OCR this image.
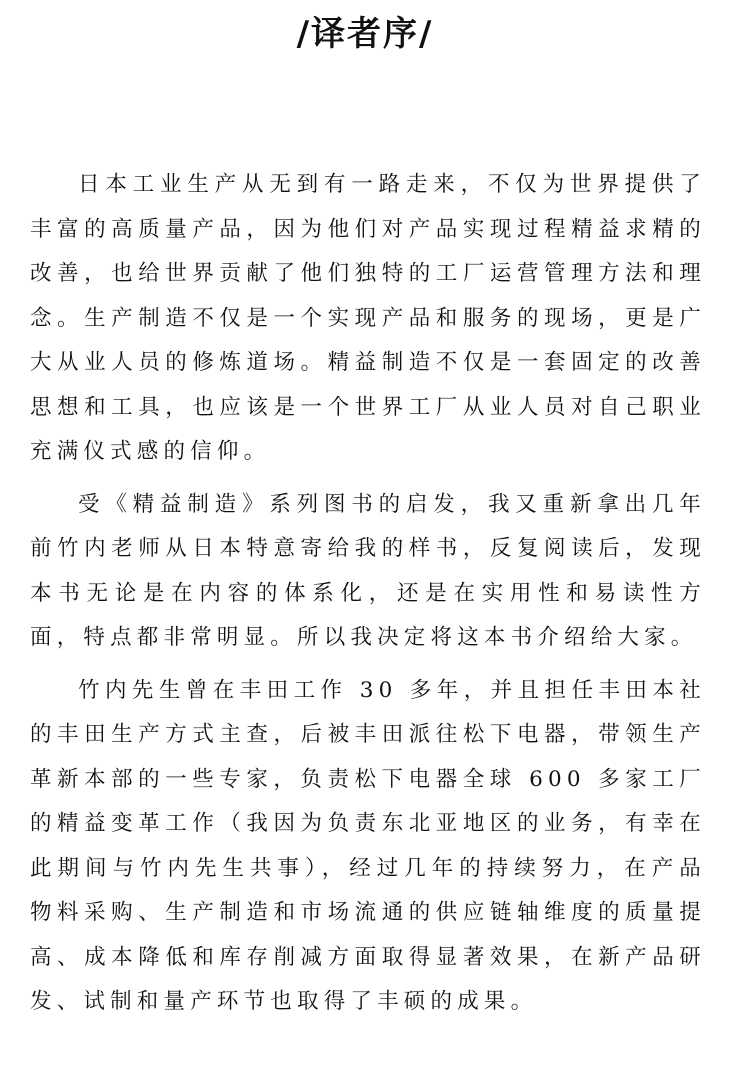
/译者序/

日本工业生产从无到有一路走来，不仅为世界提供了丰富的高质量产品，因为他们对产品实现过程精益求精的改善，也给世界贡献了他们独特的工厂运营管理方法和理念。生产制造不仅是一个实现产品和服务的现场，更是广大从业人员的修炼道场。精益制造不仅是一套固定的改善思想和工具，也应该是一个世界工厂从业人员对自己职业充满仪式感的信仰。

受《精益制造》系列图书的启发，我又重新拿出几年前竹内老师从日本特意寄给我的样书，反复阅读后，发现本书无论是在内容的体系化，还是在实用性和易读性方面，特点都非常明显。所以我决定将这本书介绍给大家。

竹内先生曾在丰田工作 30 多年，并且担任丰田本社的丰田生产方式主查，后被丰田派往松下电器，带领生产革新本部的一些专家，负责松下电器全球 600 多家工厂的精益变革工作（我因为负责东北亚地区的业务，有幸在此期间与竹内先生共事），经过几年的持续努力，在产品物料采购、生产制造和市场流通的供应链轴维度的质量提高、成本降低和库存削减方面取得显著效果，在新产品研发、试制和量产环节也取得了丰硕的成果。
